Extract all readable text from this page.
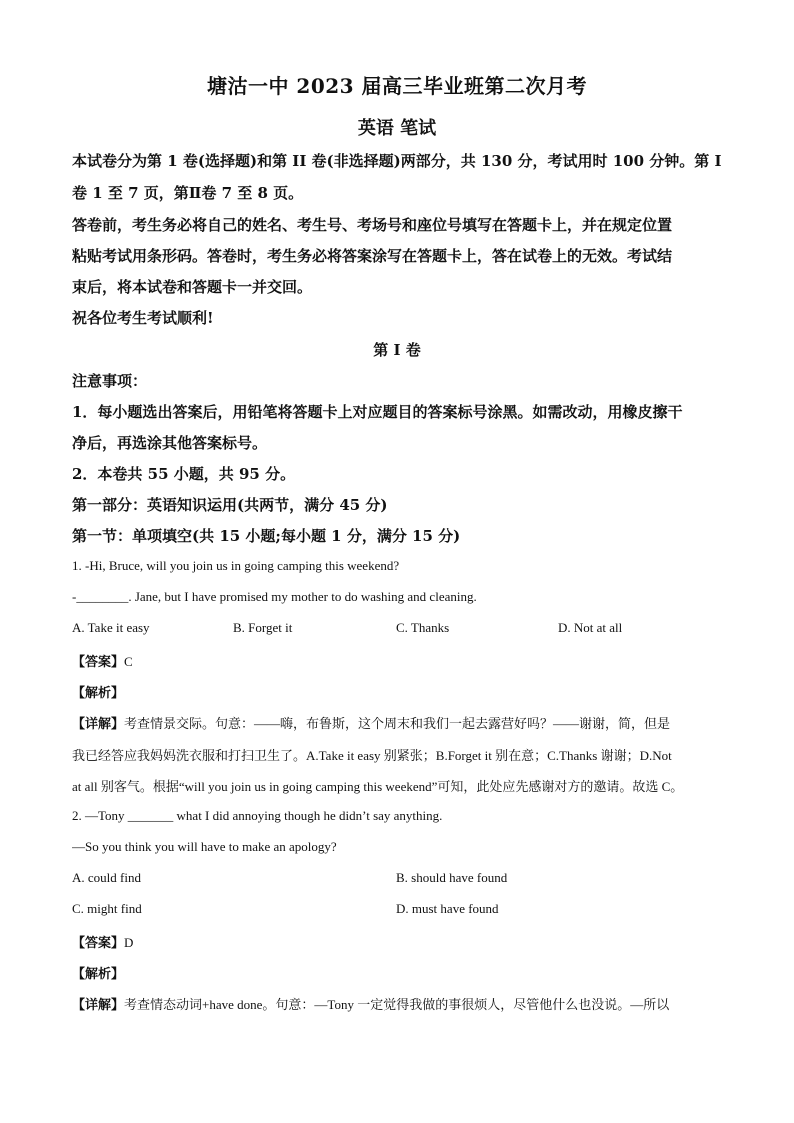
塘沽一中 2023 届高三毕业班第二次月考
英语 笔试
本试卷分为第 1 卷(选择题)和第 II 卷(非选择题)两部分，共 130 分，考试用时 100 分钟。第 I
卷 1 至 7 页，第Ⅱ卷 7 至 8 页。
答卷前，考生务必将自己的姓名、考生号、考场号和座位号填写在答题卡上，并在规定位置
粘贴考试用条形码。答卷时，考生务必将答案涂写在答题卡上，答在试卷上的无效。考试结
束后，将本试卷和答题卡一并交回。
祝各位考生考试顺利!
第 I 卷
注意事项：
1．每小题选出答案后，用铅笔将答题卡上对应题目的答案标号涂黑。如需改动，用橡皮擦干
净后，再选涂其他答案标号。
2．本卷共 55 小题，共 95 分。
第一部分：英语知识运用(共两节，满分 45 分)
第一节：单项填空(共 15 小题;每小题 1 分，满分 15 分)
1. -Hi, Bruce, will you join us in going camping this weekend?
-________. Jane, but I have promised my mother to do washing and cleaning.
A. Take it easy	B. Forget it	C. Thanks	D. Not at all
【答案】C
【解析】
【详解】考查情景交际。句意：——嗨，布鲁斯，这个周末和我们一起去露营好吗？——谢谢，简，但是
我已经答应我妈妈洗衣服和打扫卫生了。A.Take it easy 别紧张；B.Forget it 别在意；C.Thanks 谢谢；D.Not
at all 别客气。根据“will you join us in going camping this weekend”可知，此处应先感谢对方的邀请。故选 C。
2. —Tony _______ what I did annoying though he didn’t say anything.
—So you think you will have to make an apology?
A. could find	B. should have found
C. might find	D. must have found
【答案】D
【解析】
【详解】考查情态动词+have done。句意：—Tony 一定觉得我做的事很烦人，尽管他什么也没说。—所以
